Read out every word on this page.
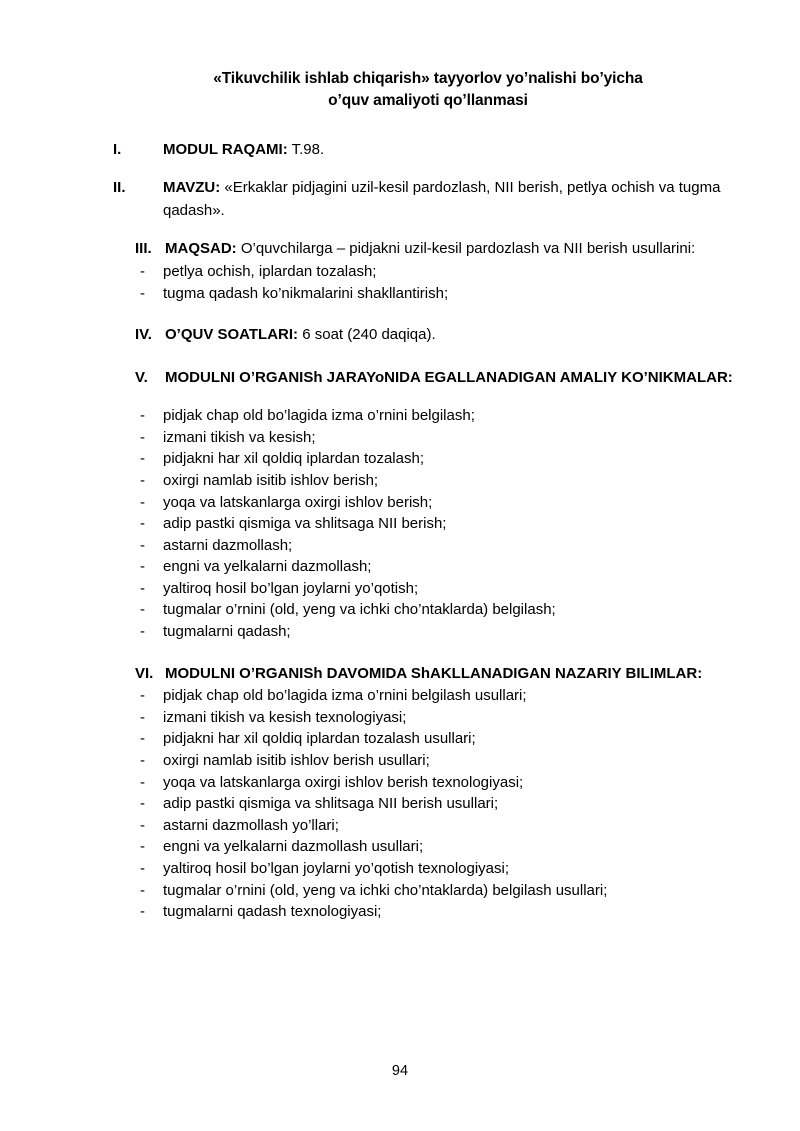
«Tikuvchilik ishlab chiqarish» tayyorlov yo’nalishi bo’yicha
o’quv amaliyoti qo’llanmasi
I.	MODUL RAQAMI: T.98.
II.	MAVZU: «Erkaklar pidjagini uzil-kesil pardozlash, NII berish, petlya ochish va tugma qadash».
III. MAQSAD: O’quvchilarga – pidjakni uzil-kesil pardozlash va NII berish usullarini:
- petlya ochish, iplardan tozalash;
- tugma qadash ko’nikmalarini shakllantirish;
IV. O’QUV SOATLARI: 6 soat (240 daqiqa).
V.	MODULNI O’RGANISh JARAYoNIDA EGALLANADIGAN AMALIY KO’NIKMALAR:
- pidjak chap old bo’lagida izma o’rnini belgilash;
- izmani tikish va kesish;
- pidjakni har xil qoldiq iplardan tozalash;
- oxirgi namlab isitib ishlov berish;
- yoqa va latskanlarga oxirgi ishlov berish;
- adip pastki qismiga va shlitsaga NII berish;
- astarni dazmollash;
- engni va yelkalarni dazmollash;
- yaltiroq hosil bo’lgan joylarni yo’qotish;
- tugmalar o’rnini (old, yeng va ichki cho’ntaklarda) belgilash;
- tugmalarni qadash;
VI. MODULNI O’RGANISh DAVOMIDA ShAKLLANADIGAN NAZARIY BILIMLAR:
- pidjak chap old bo’lagida izma o’rnini belgilash usullari;
- izmani tikish va kesish texnologiyasi;
- pidjakni har xil qoldiq iplardan tozalash usullari;
- oxirgi namlab isitib ishlov berish usullari;
- yoqa va latskanlarga oxirgi ishlov berish texnologiyasi;
- adip pastki qismiga va shlitsaga NII berish usullari;
- astarni dazmollash yo’llari;
- engni va yelkalarni dazmollash usullari;
- yaltiroq hosil bo’lgan joylarni yo’qotish texnologiyasi;
- tugmalar o’rnini (old, yeng va ichki cho’ntaklarda) belgilash usullari;
- tugmalarni qadash texnologiyasi;
94
